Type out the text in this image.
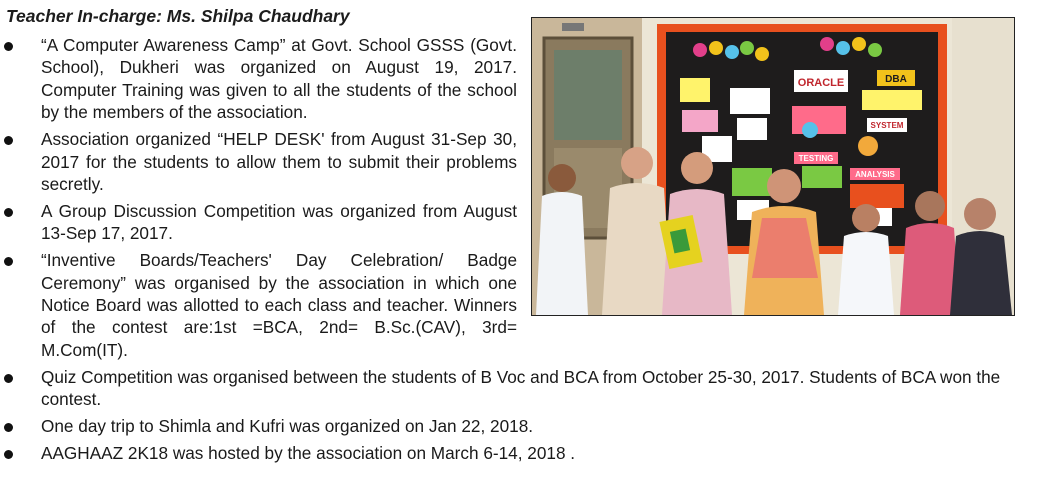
Teacher In-charge: Ms. Shilpa Chaudhary
“A Computer Awareness Camp” at Govt. School GSSS (Govt. School), Dukheri was organized on August 19, 2017. Computer Training was given to all the students of the school by the members of the association.
Association organized “HELP DESK' from August 31-Sep 30, 2017 for the students to allow them to submit their problems secretly.
A Group Discussion Competition was organized from August 13-Sep 17, 2017.
“Inventive Boards/Teachers' Day Celebration/ Badge Ceremony” was organised by the association in which one Notice Board was allotted to each class and teacher. Winners of the contest are:1st =BCA, 2nd= B.Sc.(CAV), 3rd= M.Com(IT).
Quiz Competition was organised between the students of B Voc and BCA from October 25-30, 2017. Students of BCA won the contest.
One day trip to Shimla and Kufri was organized on Jan 22, 2018.
AAGHAAZ 2K18 was hosted by the association on March 6-14, 2018 .
ORACLE	DBA
SYSTEM
TESTING
ANALYSIS
